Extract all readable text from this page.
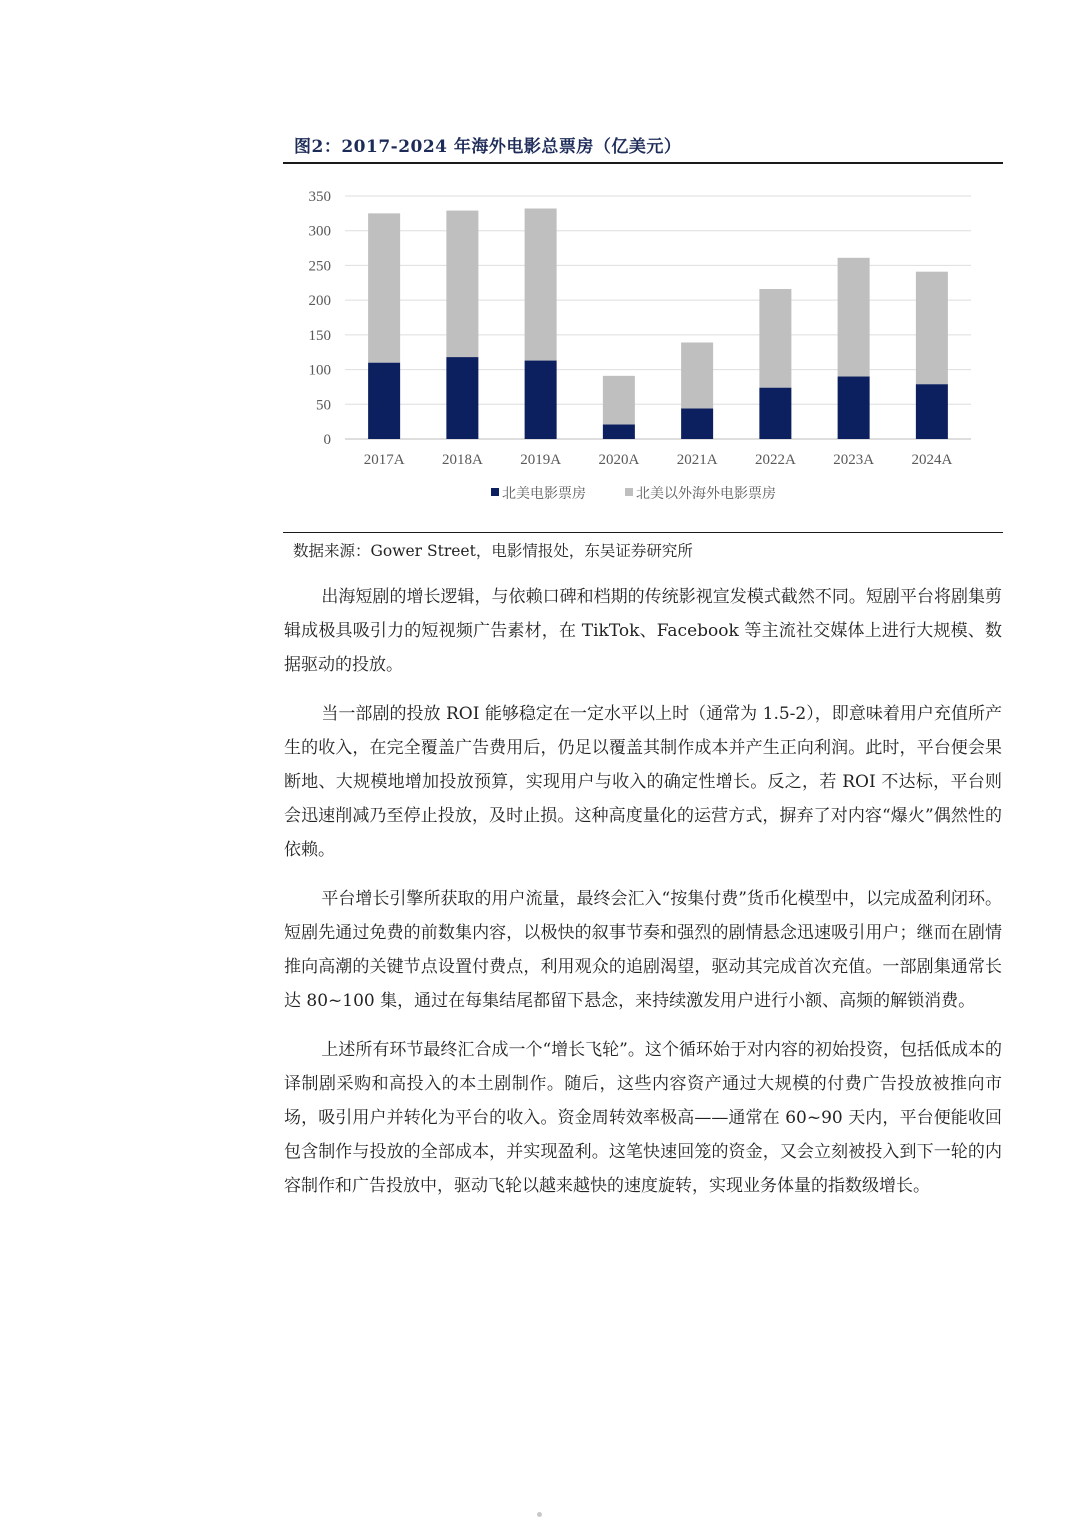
图2：2017-2024 年海外电影总票房（亿美元）
0
50
100
150
200
250
300
350
2017A 2018A 2019A 2020A 2021A 2022A 2023A 2024A
北美电影票房	北美以外海外电影票房
数据来源：Gower Street，电影情报处，东吴证券研究所

出海短剧的增长逻辑，与依赖口碑和档期的传统影视宣发模式截然不同。短剧平台将剧集剪辑成极具吸引力的短视频广告素材，在 TikTok、Facebook 等主流社交媒体上进行大规模、数据驱动的投放。

当一部剧的投放 ROI 能够稳定在一定水平以上时（通常为 1.5-2），即意味着用户充值所产生的收入，在完全覆盖广告费用后，仍足以覆盖其制作成本并产生正向利润。此时，平台便会果断地、大规模地增加投放预算，实现用户与收入的确定性增长。反之，若 ROI 不达标，平台则会迅速削减乃至停止投放，及时止损。这种高度量化的运营方式，摒弃了对内容“爆火”偶然性的依赖。

平台增长引擎所获取的用户流量，最终会汇入“按集付费”货币化模型中，以完成盈利闭环。短剧先通过免费的前数集内容，以极快的叙事节奏和强烈的剧情悬念迅速吸引用户；继而在剧情推向高潮的关键节点设置付费点，利用观众的追剧渴望，驱动其完成首次充值。一部剧集通常长达 80~100 集，通过在每集结尾都留下悬念，来持续激发用户进行小额、高频的解锁消费。

上述所有环节最终汇合成一个“增长飞轮”。这个循环始于对内容的初始投资，包括低成本的译制剧采购和高投入的本土剧制作。随后，这些内容资产通过大规模的付费广告投放被推向市场，吸引用户并转化为平台的收入。资金周转效率极高——通常在 60~90 天内，平台便能收回包含制作与投放的全部成本，并实现盈利。这笔快速回笼的资金，又会立刻被投入到下一轮的内容制作和广告投放中，驱动飞轮以越来越快的速度旋转，实现业务体量的指数级增长。
